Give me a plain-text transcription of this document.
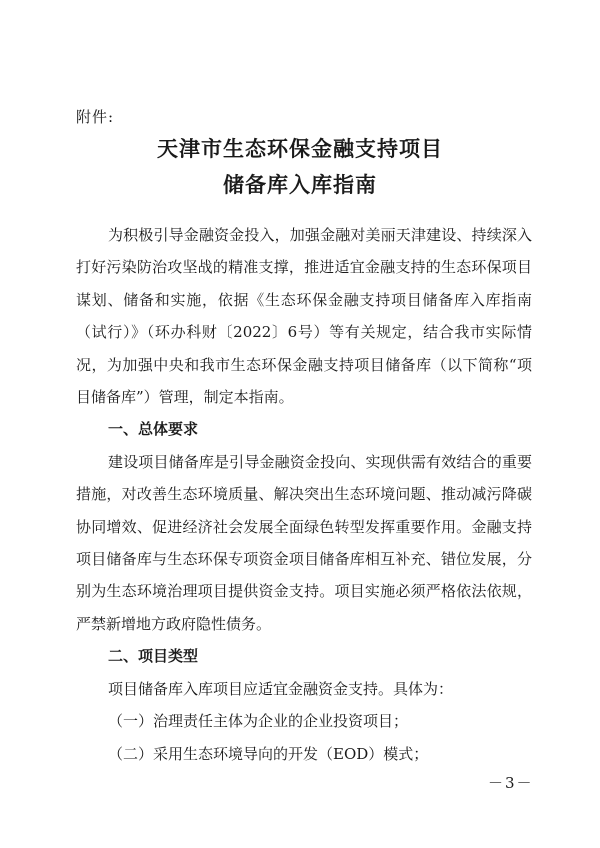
附件:
天津市生态环保金融支持项目
储备库入库指南

为积极引导金融资金投入，加强金融对美丽天津建设、持续深入打好污染防治攻坚战的精准支撑，推进适宜金融支持的生态环保项目谋划、储备和实施，依据《生态环保金融支持项目储备库入库指南（试行）》（环办科财〔2022〕6号）等有关规定，结合我市实际情况，为加强中央和我市生态环保金融支持项目储备库（以下简称“项目储备库”）管理，制定本指南。

一、总体要求

建设项目储备库是引导金融资金投向、实现供需有效结合的重要措施，对改善生态环境质量、解决突出生态环境问题、推动减污降碳协同增效、促进经济社会发展全面绿色转型发挥重要作用。金融支持项目储备库与生态环保专项资金项目储备库相互补充、错位发展，分别为生态环境治理项目提供资金支持。项目实施必须严格依法依规，严禁新增地方政府隐性债务。

二、项目类型

项目储备库入库项目应适宜金融资金支持。具体为：

（一）治理责任主体为企业的企业投资项目；

（二）采用生态环境导向的开发（EOD）模式；

－3－
